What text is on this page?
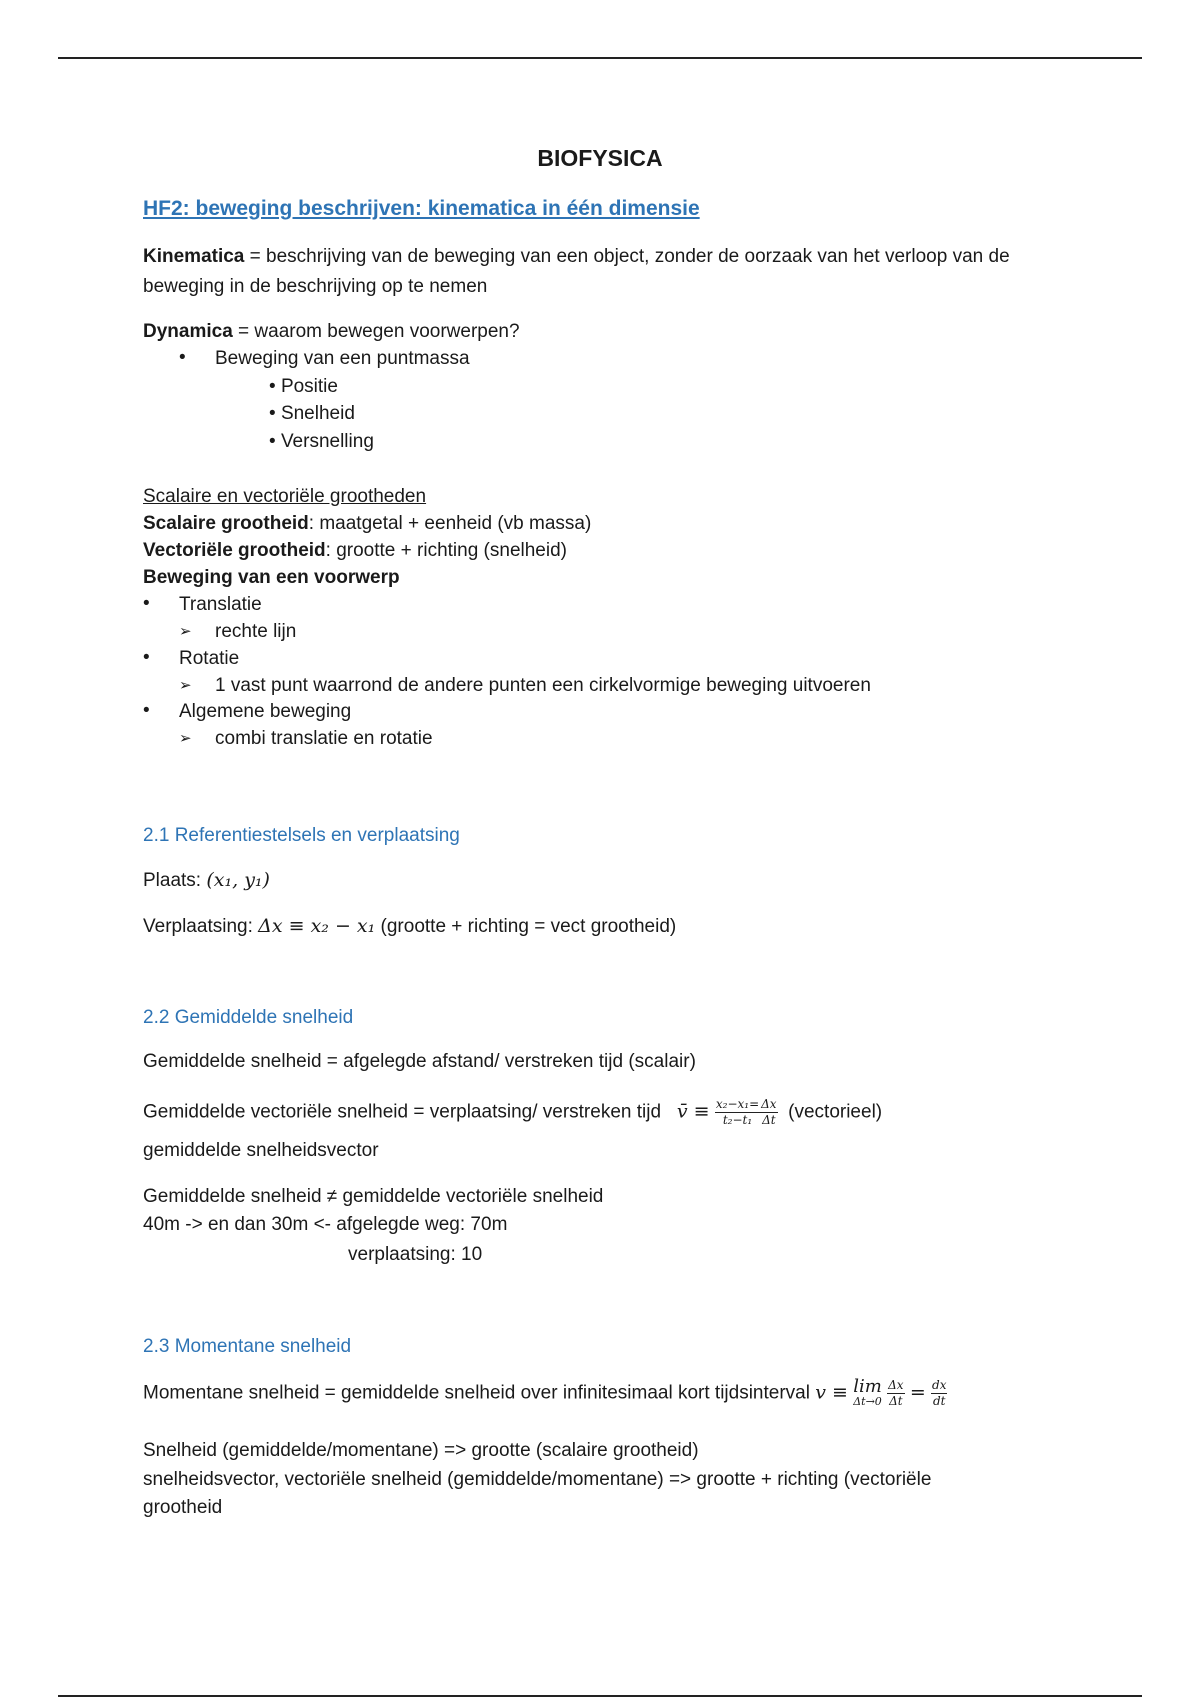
BIOFYSICA
HF2: beweging beschrijven: kinematica in één dimensie
Kinematica = beschrijving van de beweging van een object, zonder de oorzaak van het verloop van de
beweging in de beschrijving op te nemen
Dynamica = waarom bewegen voorwerpen?
• Beweging van een puntmassa
• Positie
• Snelheid
• Versnelling
Scalaire en vectoriële grootheden
Scalaire grootheid: maatgetal + eenheid (vb massa)
Vectoriële grootheid: grootte + richting (snelheid)
Beweging van een voorwerp
• Translatie
➢ rechte lijn
• Rotatie
➢ 1 vast punt waarrond de andere punten een cirkelvormige beweging uitvoeren
• Algemene beweging
➢ combi translatie en rotatie
2.1 Referentiestelsels en verplaatsing
Plaats: (x₁, y₁)
Verplaatsing: Δx ≡ x₂ − x₁ (grootte + richting = vect grootheid)
2.2 Gemiddelde snelheid
Gemiddelde snelheid = afgelegde afstand/ verstreken tijd (scalair)
Gemiddelde vectoriële snelheid = verplaatsing/ verstreken tijd v̄ ≡ $\frac{\text{x₂−x₁=}}{\text{t₂−t₁}} \frac{\Delta x}{\Delta t}$ (vectorieel)
gemiddelde snelheidsvector
Gemiddelde snelheid ≠ gemiddelde vectoriële snelheid
40m -> en dan 30m <- afgelegde weg: 70m
verplaatsing: 10
2.3 Momentane snelheid
Momentane snelheid = gemiddelde snelheid over infinitesimaal kort tijdsinterval v ≡ lim
Δt→0
$\frac{\Delta x}{\Delta t} = \frac{dx}{dt}$
Snelheid (gemiddelde/momentane) => grootte (scalaire grootheid)
snelheidsvector, vectoriële snelheid (gemiddelde/momentane) => grootte + richting (vectoriële
grootheid
